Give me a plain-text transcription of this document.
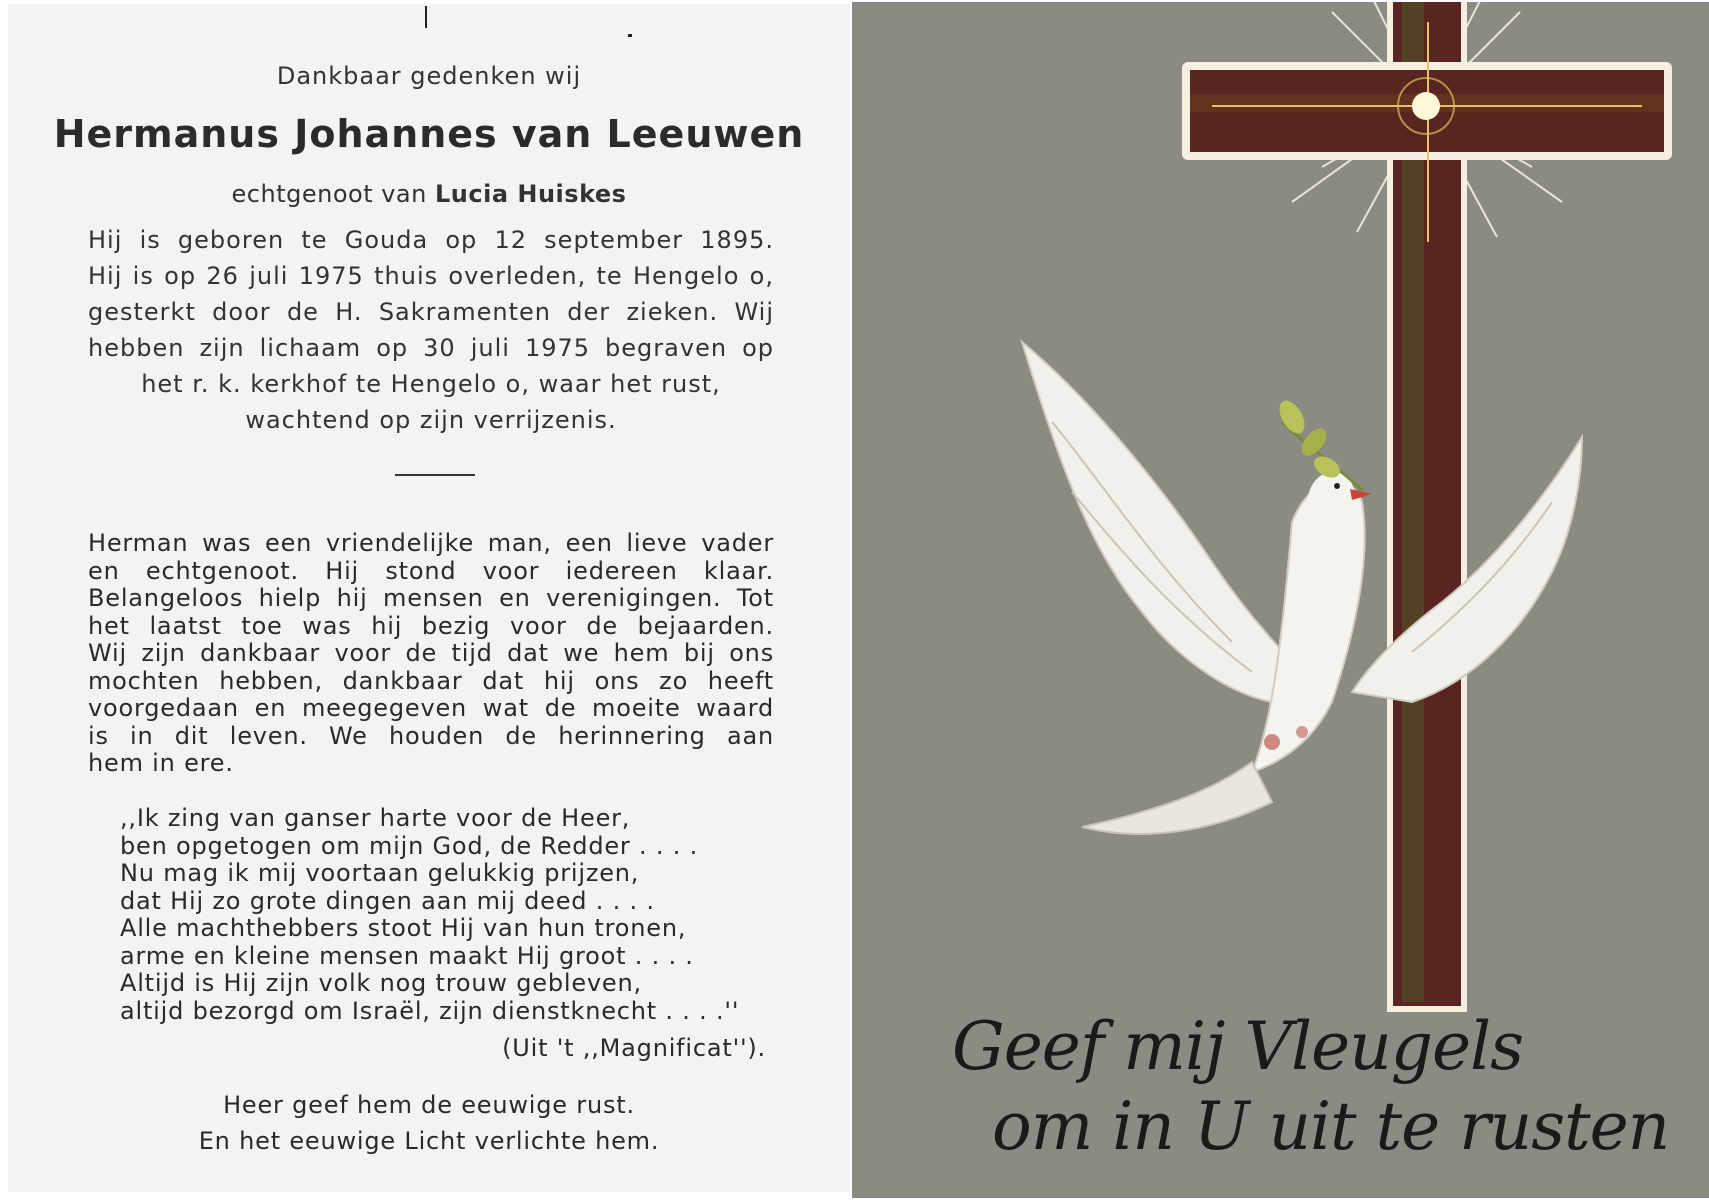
Dankbaar gedenken wij
Hermanus Johannes van Leeuwen
echtgenoot van Lucia Huiskes
Hij is geboren te Gouda op 12 september 1895.
Hij is op 26 juli 1975 thuis overleden, te Hengelo o,
gesterkt door de H. Sakramenten der zieken. Wij
hebben zijn lichaam op 30 juli 1975 begraven op
het r. k. kerkhof te Hengelo o, waar het rust,
wachtend op zijn verrijzenis.
Herman was een vriendelijke man, een lieve vader
en echtgenoot. Hij stond voor iedereen klaar.
Belangeloos hielp hij mensen en verenigingen. Tot
het laatst toe was hij bezig voor de bejaarden.
Wij zijn dankbaar voor de tijd dat we hem bij ons
mochten hebben, dankbaar dat hij ons zo heeft
voorgedaan en meegegeven wat de moeite waard
is in dit leven. We houden de herinnering aan
hem in ere.
,,Ik zing van ganser harte voor de Heer,
ben opgetogen om mijn God, de Redder . . . .
Nu mag ik mij voortaan gelukkig prijzen,
dat Hij zo grote dingen aan mij deed . . . .
Alle machthebbers stoot Hij van hun tronen,
arme en kleine mensen maakt Hij groot . . . .
Altijd is Hij zijn volk nog trouw gebleven,
altijd bezorgd om Israël, zijn dienstknecht . . . .''
(Uit 't ,,Magnificat'').
Heer geef hem de eeuwige rust.
En het eeuwige Licht verlichte hem.
Geef mij Vleugels
om in U uit te rusten
